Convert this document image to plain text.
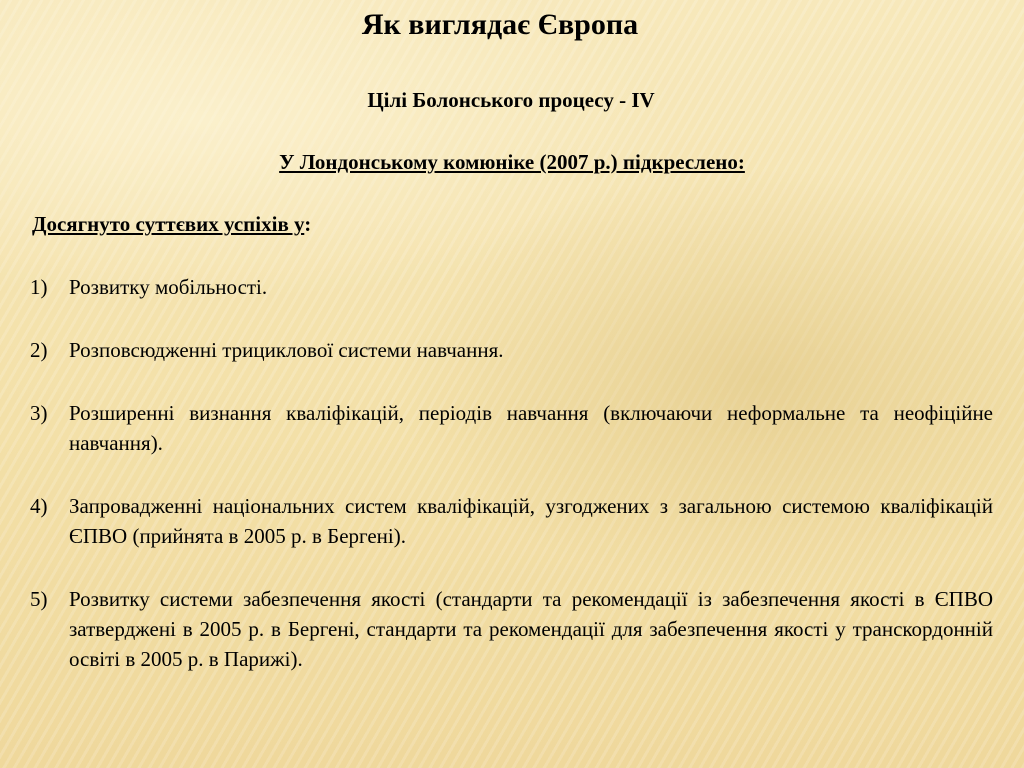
Як виглядає Європа
Цілі Болонського процесу - IV

У Лондонському комюніке (2007 р.) підкреслено:

Досягнуто суттєвих успіхів у:

1) Розвитку мобільності.
2) Розповсюдженні трициклової системи навчання.
3) Розширенні визнання кваліфікацій, періодів навчання (включаючи неформальне та неофіційне навчання).
4) Запровадженні національних систем кваліфікацій, узгоджених з загальною системою кваліфікацій ЄПВО (прийнята в 2005 р. в Бергені).
5) Розвитку системи забезпечення якості (стандарти та рекомендації із забезпечення якості в ЄПВО затверджені в 2005 р. в Бергені, стандарти та рекомендації для забезпечення якості у транскордонній освіті в 2005 р. в Парижі).
